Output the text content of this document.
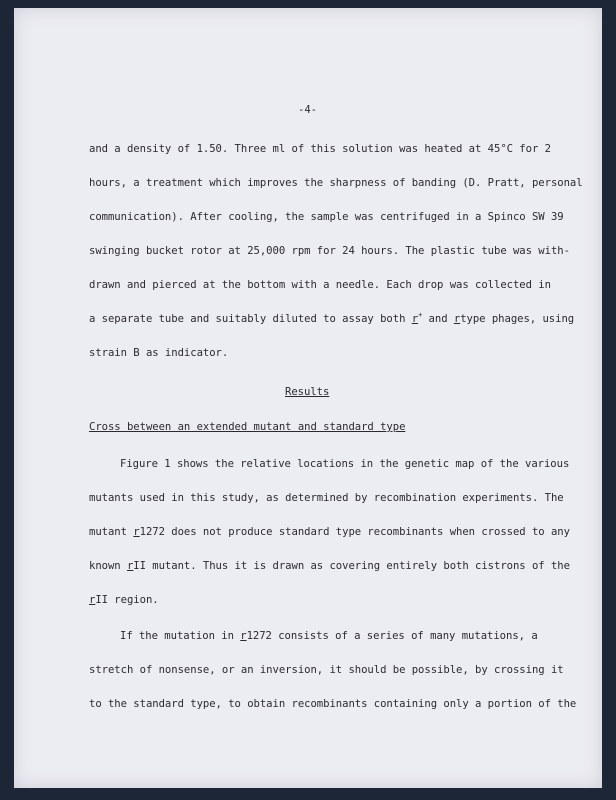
-4-
and a density of 1.50. Three ml of this solution was heated at 45°C for 2
hours, a treatment which improves the sharpness of banding (D. Pratt, personal
communication). After cooling, the sample was centrifuged in a Spinco SW 39
swinging bucket rotor at 25,000 rpm for 24 hours. The plastic tube was with-
drawn and pierced at the bottom with a needle. Each drop was collected in
a separate tube and suitably diluted to assay both r+ and rtype phages, using
strain B as indicator.
Results
Cross between an extended mutant and standard type
Figure 1 shows the relative locations in the genetic map of the various
mutants used in this study, as determined by recombination experiments. The
mutant r1272 does not produce standard type recombinants when crossed to any
known rII mutant. Thus it is drawn as covering entirely both cistrons of the
rII region.
If the mutation in r1272 consists of a series of many mutations, a
stretch of nonsense, or an inversion, it should be possible, by crossing it
to the standard type, to obtain recombinants containing only a portion of the
